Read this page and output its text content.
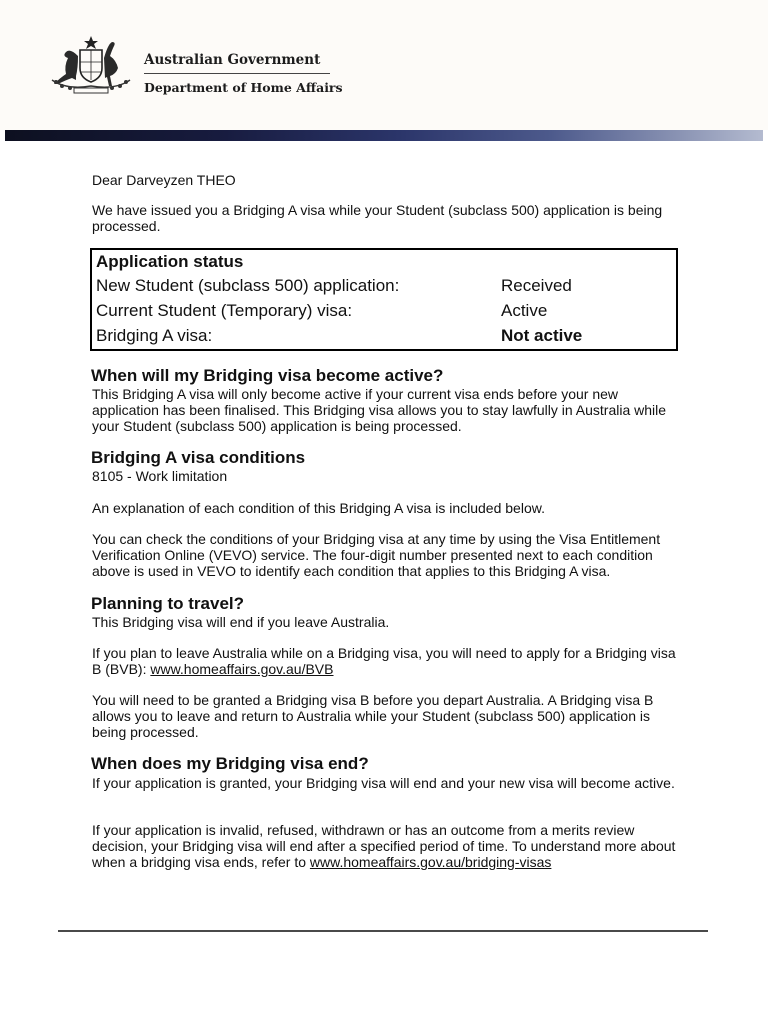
Australian Government
Department of Home Affairs
Dear Darveyzen THEO
We have issued you a Bridging A visa while your Student (subclass 500) application is being processed.
Application status
New Student (subclass 500) application:	Received
Current Student (Temporary) visa:	Active
Bridging A visa:	Not active
When will my Bridging visa become active?
This Bridging A visa will only become active if your current visa ends before your new application has been finalised. This Bridging visa allows you to stay lawfully in Australia while your Student (subclass 500) application is being processed.
Bridging A visa conditions
8105 - Work limitation
An explanation of each condition of this Bridging A visa is included below.
You can check the conditions of your Bridging visa at any time by using the Visa Entitlement Verification Online (VEVO) service. The four-digit number presented next to each condition above is used in VEVO to identify each condition that applies to this Bridging A visa.
Planning to travel?
This Bridging visa will end if you leave Australia.
If you plan to leave Australia while on a Bridging visa, you will need to apply for a Bridging visa B (BVB): www.homeaffairs.gov.au/BVB
You will need to be granted a Bridging visa B before you depart Australia. A Bridging visa B allows you to leave and return to Australia while your Student (subclass 500) application is being processed.
When does my Bridging visa end?
If your application is granted, your Bridging visa will end and your new visa will become active.
If your application is invalid, refused, withdrawn or has an outcome from a merits review decision, your Bridging visa will end after a specified period of time. To understand more about when a bridging visa ends, refer to www.homeaffairs.gov.au/bridging-visas
